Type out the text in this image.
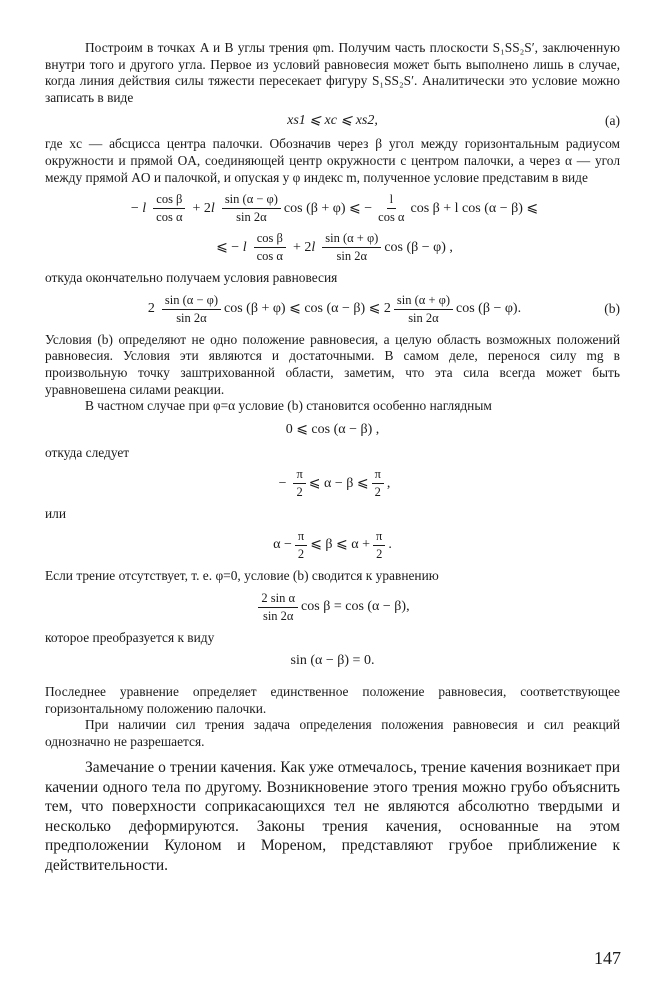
Построим в точках A и B углы трения φm. Получим часть плоскости S₁SS₂S′, заключенную внутри того и другого угла. Первое из условий равновесия может быть выполнено лишь в случае, когда линия действия силы тяжести пересекает фигуру S₁SS₂S′. Аналитически это условие можно записать в виде

xs1 ⩽ xc ⩽ xs2,	(a)

где xc — абсцисса центра палочки. Обозначив через β угол между горизонтальным радиусом окружности и прямой OA, соединяющей центр окружности с центром палочки, а через α — угол между прямой AO и палочкой, и опуская у φ индекс m, полученное условие представим в виде

− l $\frac{\text{cos β}}{\text{cos α}} + 2l \frac{\sin (\alpha - \varphi)}{\sin 2\alpha}$ cos (β + φ) ⩽ − $\frac{l}{\text{cos α}}$ cos β + l cos (α − β) ⩽
⩽ − l $\frac{\text{cos β}}{\text{cos α}} + 2l \frac{\sin (\alpha + \varphi)}{\sin 2\alpha}$ cos (β − φ) ,

откуда окончательно получаем условия равновесия

$2 \frac{\sin (\alpha - \varphi)}{\sin 2\alpha}$ cos (β + φ) ⩽ cos (α − β) ⩽ $2 \frac{\sin (\alpha + \varphi)}{\sin 2\alpha}$ cos (β − φ).	(b)

Условия (b) определяют не одно положение равновесия, а целую область возможных положений равновесия. Условия эти являются и достаточными. В самом деле, перенося силу mg в произвольную точку заштрихованной области, заметим, что эта сила всегда может быть уравновешена силами реакции.

В частном случае при φ=α условие (b) становится особенно наглядным

0 ⩽ cos (α − β) ,

откуда следует

− $\frac{\pi}{2}$ ⩽ α − β ⩽ $\frac{\pi}{2}$ ,

или

$\alpha - \frac{\pi}{2}$ ⩽ β ⩽ $\alpha + \frac{\pi}{2}$ .

Если трение отсутствует, т. е. φ=0, условие (b) сводится к уравнению

$\frac{\text{2 sin α}}{\sin 2\alpha}$ cos β = cos (α − β),

которое преобразуется к виду

sin (α − β) = 0.

Последнее уравнение определяет единственное положение равновесия, соответствующее горизонтальному положению палочки.

При наличии сил трения задача определения положения равновесия и сил реакций однозначно не разрешается.

Замечание о трении качения. Как уже отмечалось, трение качения возникает при качении одного тела по другому. Возникновение этого трения можно грубо объяснить тем, что поверхности соприкасающихся тел не являются абсолютно твердыми и несколько деформируются. Законы трения качения, основанные на этом предположении Кулоном и Мореном, представляют грубое приближение к действительности.

147
